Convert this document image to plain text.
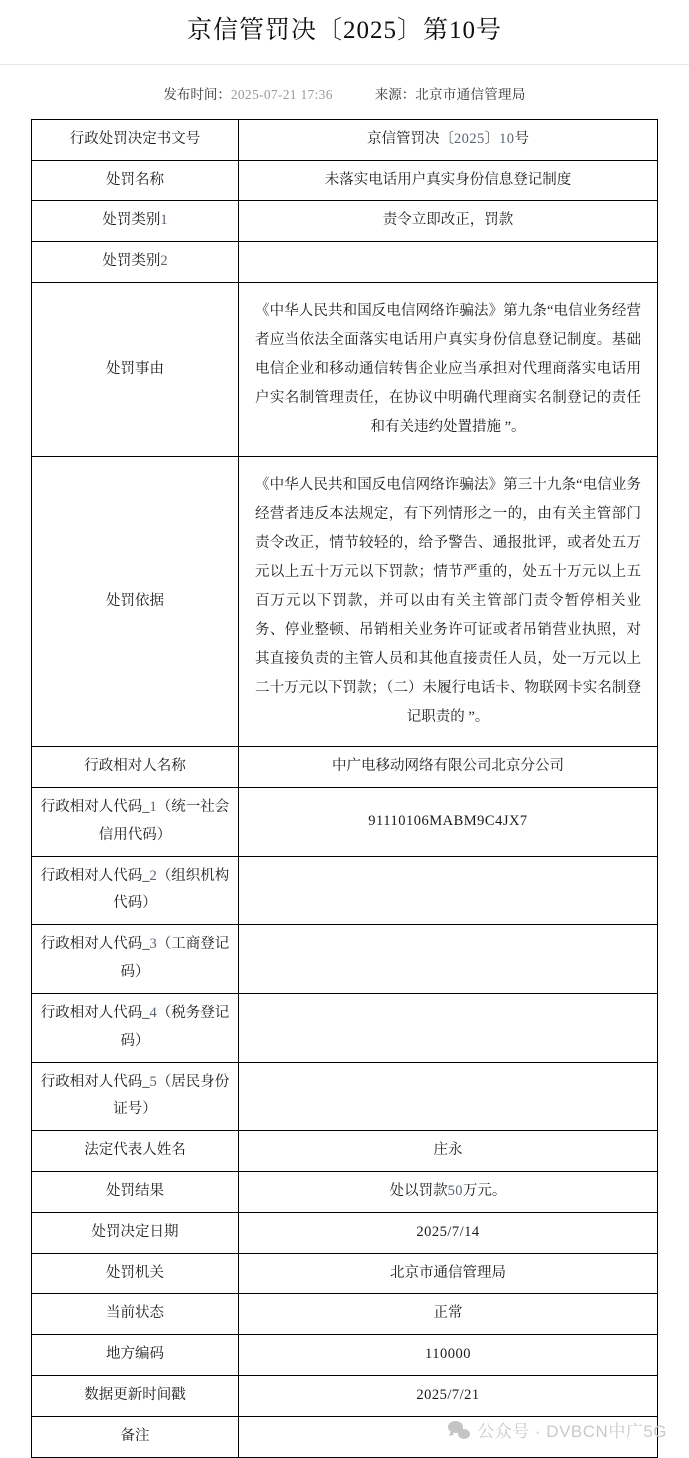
京信管罚决〔2025〕第10号
发布时间：2025-07-21 17:36	来源：北京市通信管理局
行政处罚决定书文号	京信管罚决〔2025〕10号
处罚名称	未落实电话用户真实身份信息登记制度
处罚类别1	责令立即改正，罚款
处罚类别2	
处罚事由	《中华人民共和国反电信网络诈骗法》第九条“电信业务经营者应当依法全面落实电话用户真实身份信息登记制度。基础电信企业和移动通信转售企业应当承担对代理商落实电话用户实名制管理责任，在协议中明确代理商实名制登记的责任和有关违约处置措施 ”。
处罚依据	《中华人民共和国反电信网络诈骗法》第三十九条“电信业务经营者违反本法规定，有下列情形之一的，由有关主管部门责令改正，情节较轻的，给予警告、通报批评，或者处五万元以上五十万元以下罚款；情节严重的，处五十万元以上五百万元以下罚款，并可以由有关主管部门责令暂停相关业务、停业整顿、吊销相关业务许可证或者吊销营业执照，对其直接负责的主管人员和其他直接责任人员，处一万元以上二十万元以下罚款；（二）未履行电话卡、物联网卡实名制登记职责的 ”。
行政相对人名称	中广电移动网络有限公司北京分公司
行政相对人代码_1（统一社会信用代码）	91110106MABM9C4JX7
行政相对人代码_2（组织机构代码）	
行政相对人代码_3（工商登记码）	
行政相对人代码_4（税务登记码）	
行政相对人代码_5（居民身份证号）	
法定代表人姓名	庄永
处罚结果	处以罚款50万元。
处罚决定日期	2025/7/14
处罚机关	北京市通信管理局
当前状态	正常
地方编码	110000
数据更新时间戳	2025/7/21
备注		公众号 · DVBCN中广5G
